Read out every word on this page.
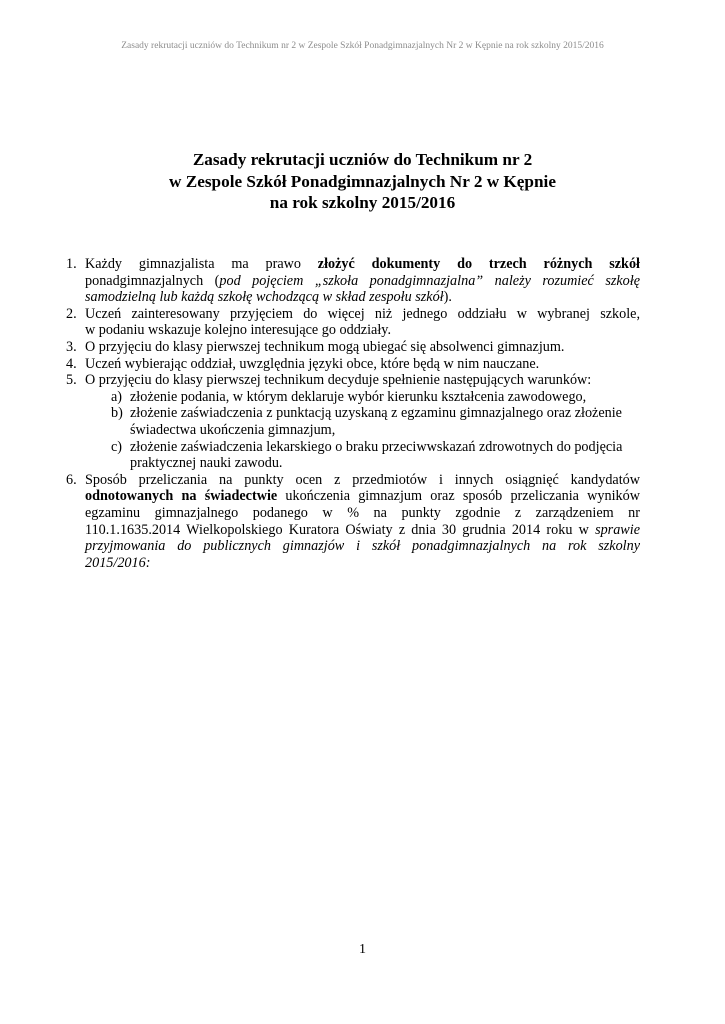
Zasady rekrutacji uczniów do Technikum nr 2 w Zespole Szkół Ponadgimnazjalnych Nr 2 w Kępnie na rok szkolny 2015/2016
Zasady rekrutacji uczniów do Technikum nr 2
w Zespole Szkół Ponadgimnazjalnych Nr 2 w Kępnie
na rok szkolny 2015/2016
1. Każdy gimnazjalista ma prawo złożyć dokumenty do trzech różnych szkół
ponadgimnazjalnych (pod pojęciem „szkoła ponadgimnazjalna” należy rozumieć szkołę
samodzielną lub każdą szkołę wchodzącą w skład zespołu szkół).
2. Uczeń zainteresowany przyjęciem do więcej niż jednego oddziału w wybranej szkole,
w podaniu wskazuje kolejno interesujące go oddziały.
3. O przyjęciu do klasy pierwszej technikum mogą ubiegać się absolwenci gimnazjum.
4. Uczeń wybierając oddział, uwzględnia języki obce, które będą w nim nauczane.
5. O przyjęciu do klasy pierwszej technikum decyduje spełnienie następujących warunków:
a) złożenie podania, w którym deklaruje wybór kierunku kształcenia zawodowego,
b) złożenie zaświadczenia z punktacją uzyskaną z egzaminu gimnazjalnego oraz złożenie
świadectwa ukończenia gimnazjum,
c) złożenie zaświadczenia lekarskiego o braku przeciwwskazań zdrowotnych do podjęcia
praktycznej nauki zawodu.
6. Sposób przeliczania na punkty ocen z przedmiotów i innych osiągnięć kandydatów
odnotowanych na świadectwie ukończenia gimnazjum oraz sposób przeliczania wyników
egzaminu gimnazjalnego podanego w % na punkty zgodnie z zarządzeniem nr
110.1.1635.2014 Wielkopolskiego Kuratora Oświaty z dnia 30 grudnia 2014 roku w sprawie
przyjmowania do publicznych gimnazjów i szkół ponadgimnazjalnych na rok szkolny
2015/2016:
1
